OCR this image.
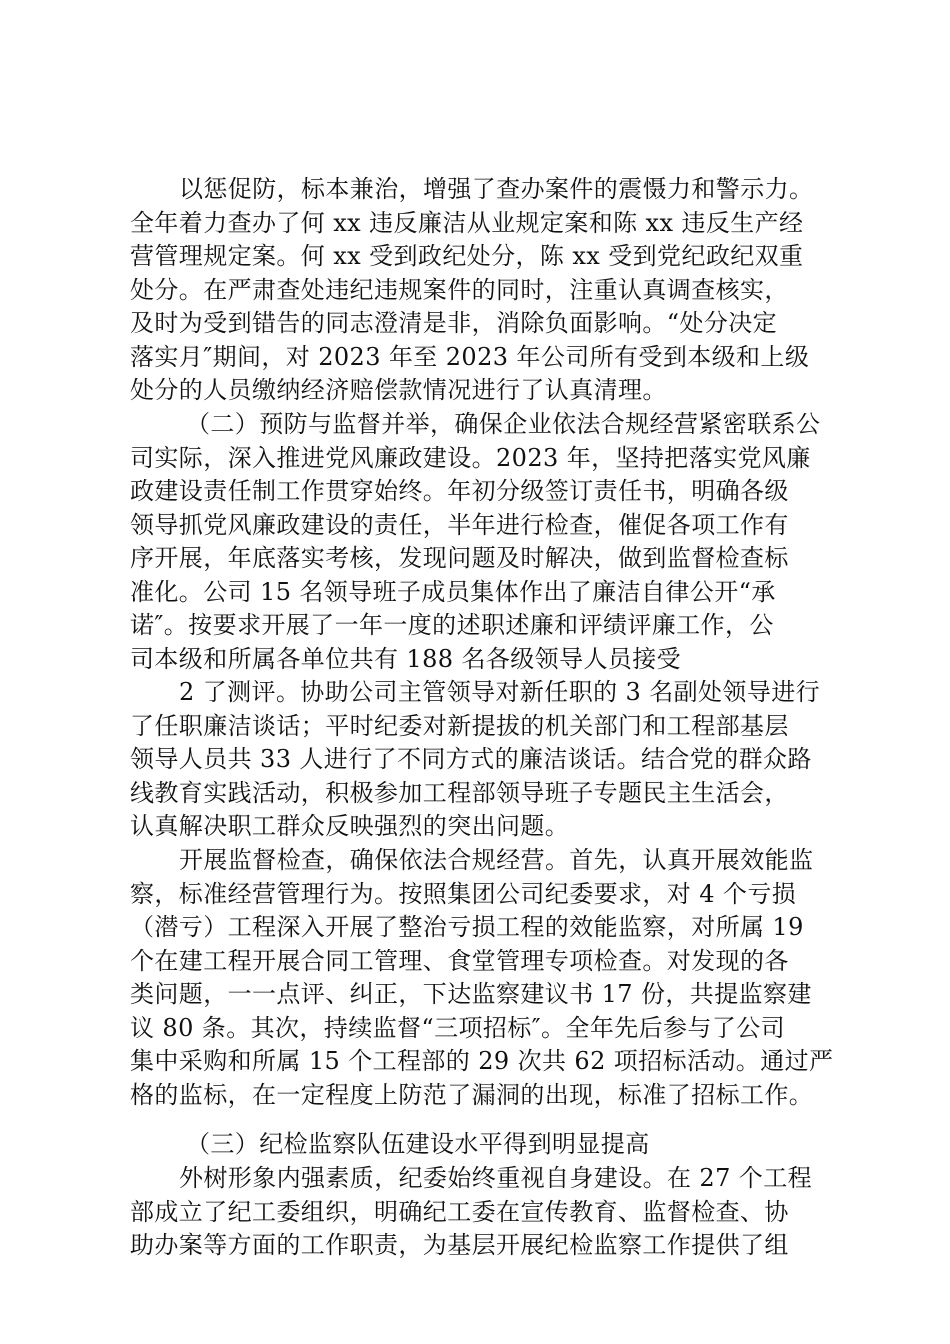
以惩促防，标本兼治，增强了查办案件的震慑力和警示力。
全年着力查办了何 xx 违反廉洁从业规定案和陈 xx 违反生产经
营管理规定案。何 xx 受到政纪处分，陈 xx 受到党纪政纪双重
处分。在严肃查处违纪违规案件的同时，注重认真调查核实，
及时为受到错告的同志澄清是非，消除负面影响。“处分决定
落实月″期间，对 2023 年至 2023 年公司所有受到本级和上级
处分的人员缴纳经济赔偿款情况进行了认真清理。
（二）预防与监督并举，确保企业依法合规经营紧密联系公
司实际，深入推进党风廉政建设。2023 年，坚持把落实党风廉
政建设责任制工作贯穿始终。年初分级签订责任书，明确各级
领导抓党风廉政建设的责任，半年进行检查，催促各项工作有
序开展，年底落实考核，发现问题及时解决，做到监督检查标
准化。公司 15 名领导班子成员集体作出了廉洁自律公开“承
诺″。按要求开展了一年一度的述职述廉和评绩评廉工作，公
司本级和所属各单位共有 188 名各级领导人员接受
2 了测评。协助公司主管领导对新任职的 3 名副处领导进行
了任职廉洁谈话；平时纪委对新提拔的机关部门和工程部基层
领导人员共 33 人进行了不同方式的廉洁谈话。结合党的群众路
线教育实践活动，积极参加工程部领导班子专题民主生活会，
认真解决职工群众反映强烈的突出问题。
开展监督检查，确保依法合规经营。首先，认真开展效能监
察，标准经营管理行为。按照集团公司纪委要求，对 4 个亏损
（潜亏）工程深入开展了整治亏损工程的效能监察，对所属 19
个在建工程开展合同工管理、食堂管理专项检查。对发现的各
类问题，一一点评、纠正，下达监察建议书 17 份，共提监察建
议 80 条。其次，持续监督“三项招标″。全年先后参与了公司
集中采购和所属 15 个工程部的 29 次共 62 项招标活动。通过严
格的监标，在一定程度上防范了漏洞的出现，标准了招标工作。
（三）纪检监察队伍建设水平得到明显提高
外树形象内强素质，纪委始终重视自身建设。在 27 个工程
部成立了纪工委组织，明确纪工委在宣传教育、监督检查、协
助办案等方面的工作职责，为基层开展纪检监察工作提供了组
